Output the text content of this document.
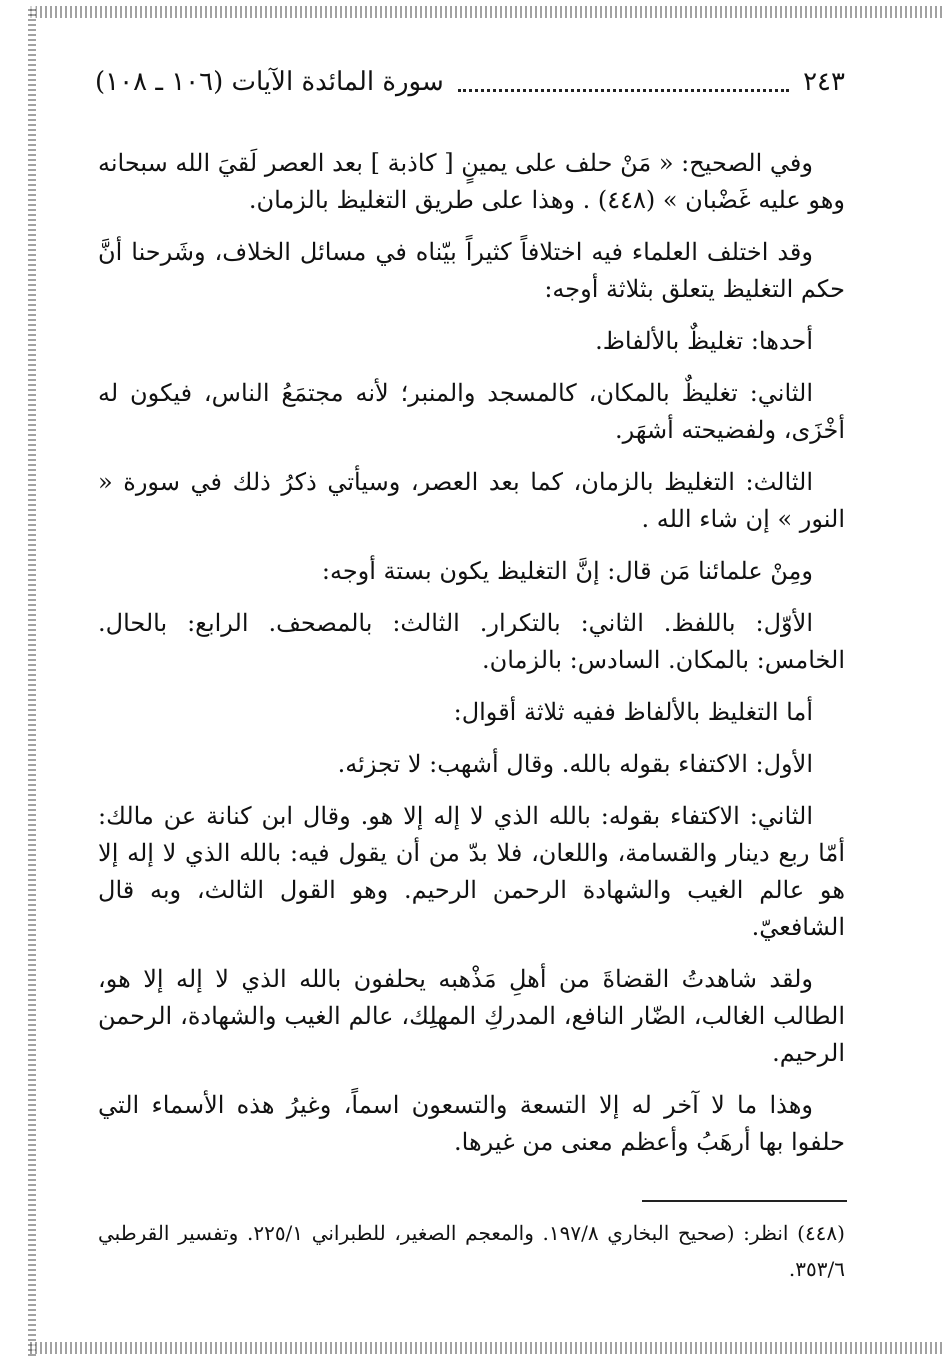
سورة المائدة الآيات (١٠٦ ـ ١٠٨)	٢٤٣

وفي الصحيح: « مَنْ حلف على يمينٍ [ كاذبة ] بعد العصر لَقيَ الله سبحانه وهو عليه غَضْبان » (٤٤٨) . وهذا على طريق التغليظ بالزمان.

وقد اختلف العلماء فيه اختلافاً كثيراً بيّناه في مسائل الخلاف، وشَرحنا أنَّ حكم التغليظ يتعلق بثلاثة أوجه:

أحدها: تغليظٌ بالألفاظ.

الثاني: تغليظٌ بالمكان، كالمسجد والمنبر؛ لأنه مجتمَعُ الناس، فيكون له أخْزَى، ولفضيحته أشهَر.

الثالث: التغليظ بالزمان، كما بعد العصر، وسيأتي ذكرُ ذلك في سورة « النور » إن شاء الله .

ومِنْ علمائنا مَن قال: إنَّ التغليظ يكون بستة أوجه:

الأوّل: باللفظ. الثاني: بالتكرار. الثالث: بالمصحف. الرابع: بالحال. الخامس: بالمكان. السادس: بالزمان.

أما التغليظ بالألفاظ ففيه ثلاثة أقوال:

الأول: الاكتفاء بقوله بالله. وقال أشهب: لا تجزئه.

الثاني: الاكتفاء بقوله: بالله الذي لا إله إلا هو. وقال ابن كنانة عن مالك: أمّا ربع دينار والقسامة، واللعان، فلا بدّ من أن يقول فيه: بالله الذي لا إله إلا هو عالم الغيب والشهادة الرحمن الرحيم. وهو القول الثالث، وبه قال الشافعيّ.

ولقد شاهدتُ القضاةَ من أهلِ مَذْهبه يحلفون بالله الذي لا إله إلا هو، الطالب الغالب، الضّار النافع، المدركِ المهلِك، عالم الغيب والشهادة، الرحمن الرحيم.

وهذا ما لا آخر له إلا التسعة والتسعون اسماً، وغيرُ هذه الأسماء التي حلفوا بها أرهَبُ وأعظم معنى من غيرها.

(٤٤٨) انظر: (صحيح البخاري ١٩٧/٨. والمعجم الصغير، للطبراني ٢٢٥/١. وتفسير القرطبي ٣٥٣/٦.
